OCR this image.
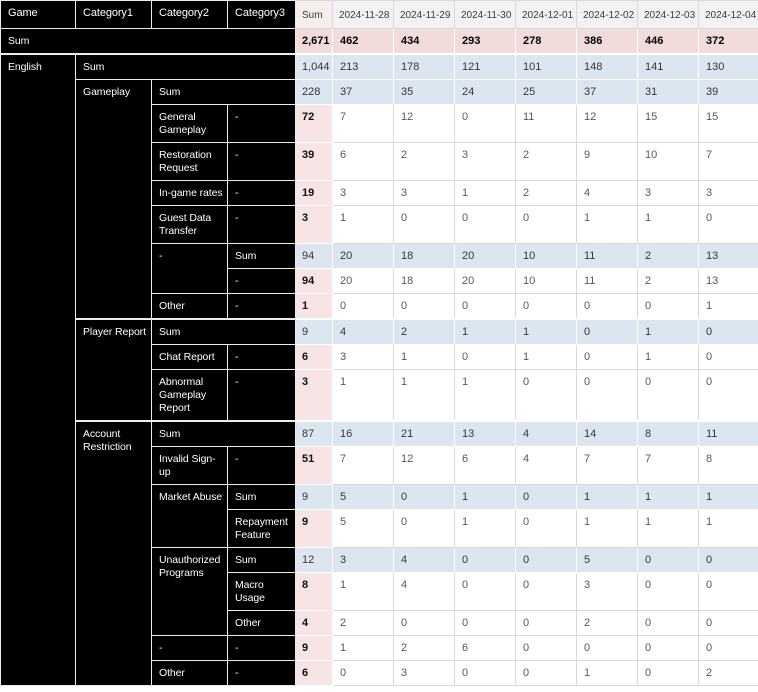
Game	Category1	Category2	Category3	Sum	2024-11-28	2024-11-29	2024-11-30	2024-12-01	2024-12-02	2024-12-03	2024-12-04
Sum				2,671	462	434	293	278	386	446	372
English	Sum			1,044	213	178	121	101	148	141	130
	Gameplay	Sum		228	37	35	24	25	37	31	39
		General Gameplay	-	72	7	12	0	11	12	15	15
		Restoration Request	-	39	6	2	3	2	9	10	7
		In-game rates	-	19	3	3	1	2	4	3	3
		Guest Data Transfer	-	3	1	0	0	0	1	1	0
		-	Sum	94	20	18	20	10	11	2	13
			-	94	20	18	20	10	11	2	13
		Other	-	1	0	0	0	0	0	0	1
	Player Report	Sum		9	4	2	1	1	0	1	0
		Chat Report	-	6	3	1	0	1	0	1	0
		Abnormal Gameplay Report	-	3	1	1	1	0	0	0	0
	Account Restriction	Sum		87	16	21	13	4	14	8	11
		Invalid Sign-up	-	51	7	12	6	4	7	7	8
		Market Abuse	Sum	9	5	0	1	0	1	1	1
			Repayment Feature	9	5	0	1	0	1	1	1
		Unauthorized Programs	Sum	12	3	4	0	0	5	0	0
			Macro Usage	8	1	4	0	0	3	0	0
			Other	4	2	0	0	0	2	0	0
		-	-	9	1	2	6	0	0	0	0
		Other	-	6	0	3	0	0	1	0	2
